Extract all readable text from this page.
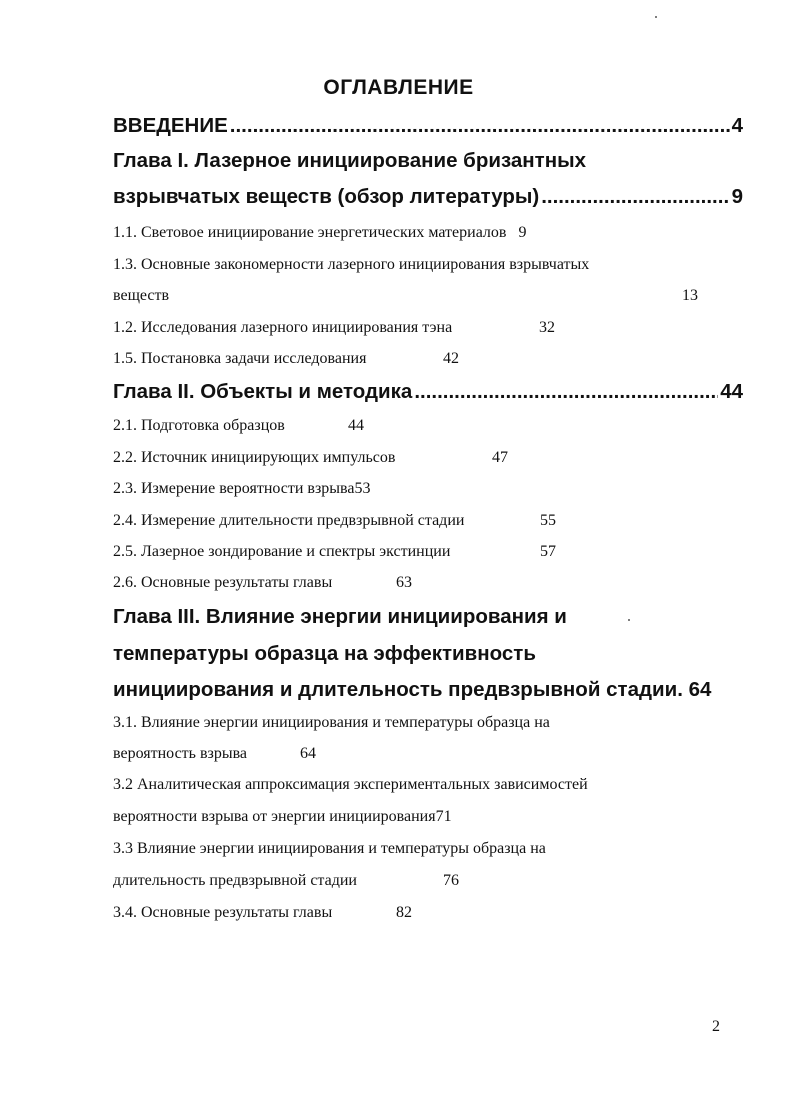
ОГЛАВЛЕНИЕ
ВВЕДЕНИЕ .....	4
Глава I. Лазерное инициирование бризантных
взрывчатых веществ (обзор литературы) .....	9
1.1. Световое инициирование энергетических материалов 9
1.3. Основные закономерности лазерного инициирования взрывчатых
веществ	13
1.2. Исследования лазерного инициирования тэна	32
1.5. Постановка задачи исследования	42
Глава II. Объекты и методика .....	44
2.1. Подготовка образцов	44
2.2. Источник инициирующих импульсов	47
2.3. Измерение вероятности взрыва53
2.4. Измерение длительности предвзрывной стадии	55
2.5. Лазерное зондирование и спектры экстинции	57
2.6. Основные результаты главы	63
Глава III. Влияние энергии инициирования и
температуры образца на эффективность
инициирования и длительность предвзрывной стадии. 64
3.1. Влияние энергии инициирования и температуры образца на
вероятность взрыва	64
3.2 Аналитическая аппроксимация экспериментальных зависимостей
вероятности взрыва от энергии инициирования71
3.3 Влияние энергии инициирования и температуры образца на
длительность предвзрывной стадии	76
3.4. Основные результаты главы	82
2
